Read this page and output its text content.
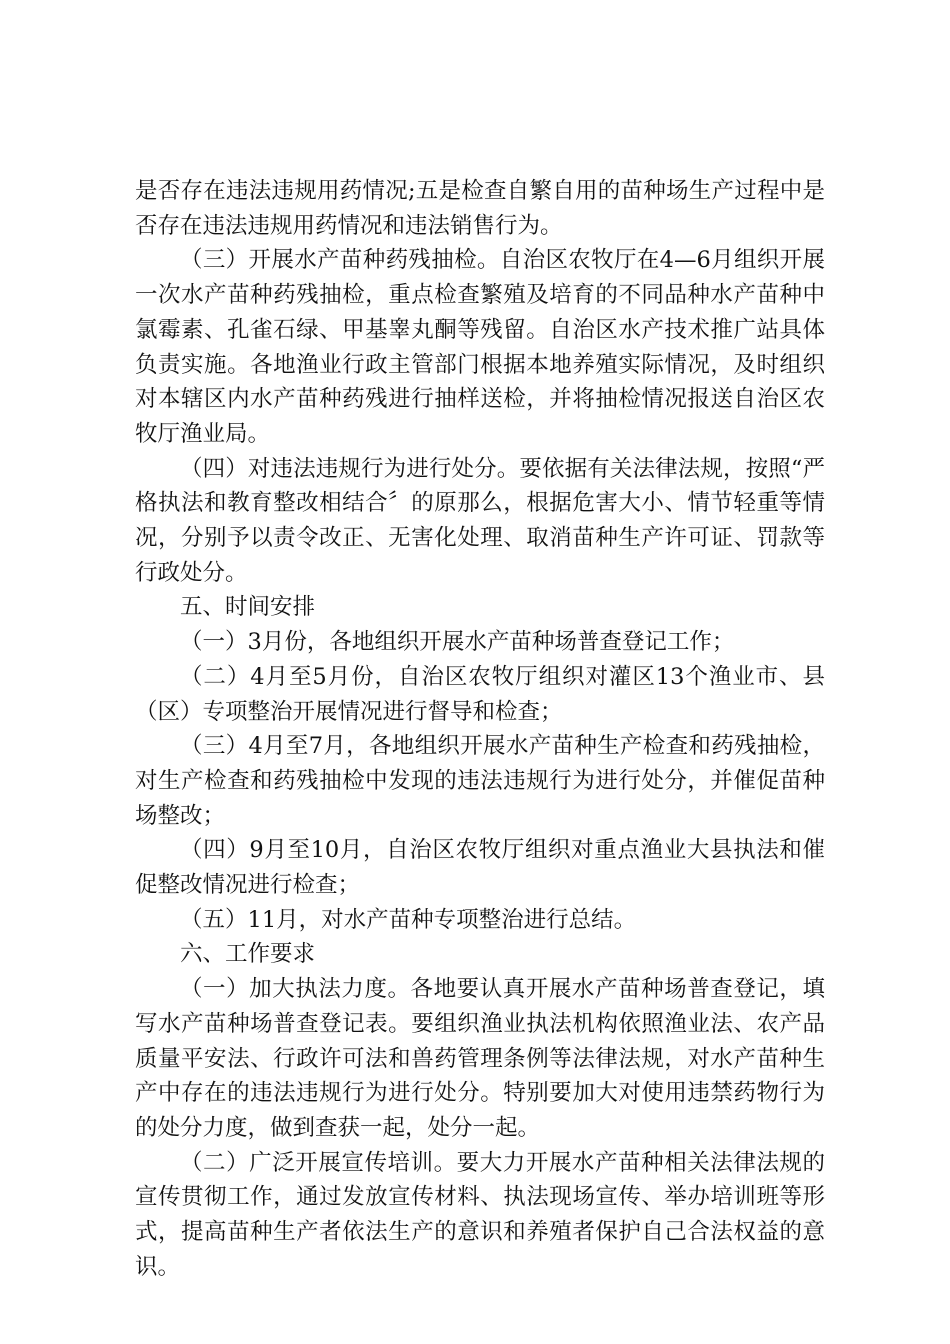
是否存在违法违规用药情况;五是检查自繁自用的苗种场生产过程中是否存在违法违规用药情况和违法销售行为。

（三）开展水产苗种药残抽检。自治区农牧厅在4—6月组织开展一次水产苗种药残抽检，重点检查繁殖及培育的不同品种水产苗种中氯霉素、孔雀石绿、甲基睾丸酮等残留。自治区水产技术推广站具体负责实施。各地渔业行政主管部门根据本地养殖实际情况，及时组织对本辖区内水产苗种药残进行抽样送检，并将抽检情况报送自治区农牧厅渔业局。

（四）对违法违规行为进行处分。要依据有关法律法规，按照“严格执法和教育整改相结合〞的原那么，根据危害大小、情节轻重等情况，分别予以责令改正、无害化处理、取消苗种生产许可证、罚款等行政处分。

五、时间安排

（一）3月份，各地组织开展水产苗种场普查登记工作；

（二）4月至5月份，自治区农牧厅组织对灌区13个渔业市、县（区）专项整治开展情况进行督导和检查；

（三）4月至7月，各地组织开展水产苗种生产检查和药残抽检，对生产检查和药残抽检中发现的违法违规行为进行处分，并催促苗种场整改；

（四）9月至10月，自治区农牧厅组织对重点渔业大县执法和催促整改情况进行检查；

（五）11月，对水产苗种专项整治进行总结。

六、工作要求

（一）加大执法力度。各地要认真开展水产苗种场普查登记，填写水产苗种场普查登记表。要组织渔业执法机构依照渔业法、农产品质量平安法、行政许可法和兽药管理条例等法律法规，对水产苗种生产中存在的违法违规行为进行处分。特别要加大对使用违禁药物行为的处分力度，做到查获一起，处分一起。

（二）广泛开展宣传培训。要大力开展水产苗种相关法律法规的宣传贯彻工作，通过发放宣传材料、执法现场宣传、举办培训班等形式，提高苗种生产者依法生产的意识和养殖者保护自己合法权益的意识。
